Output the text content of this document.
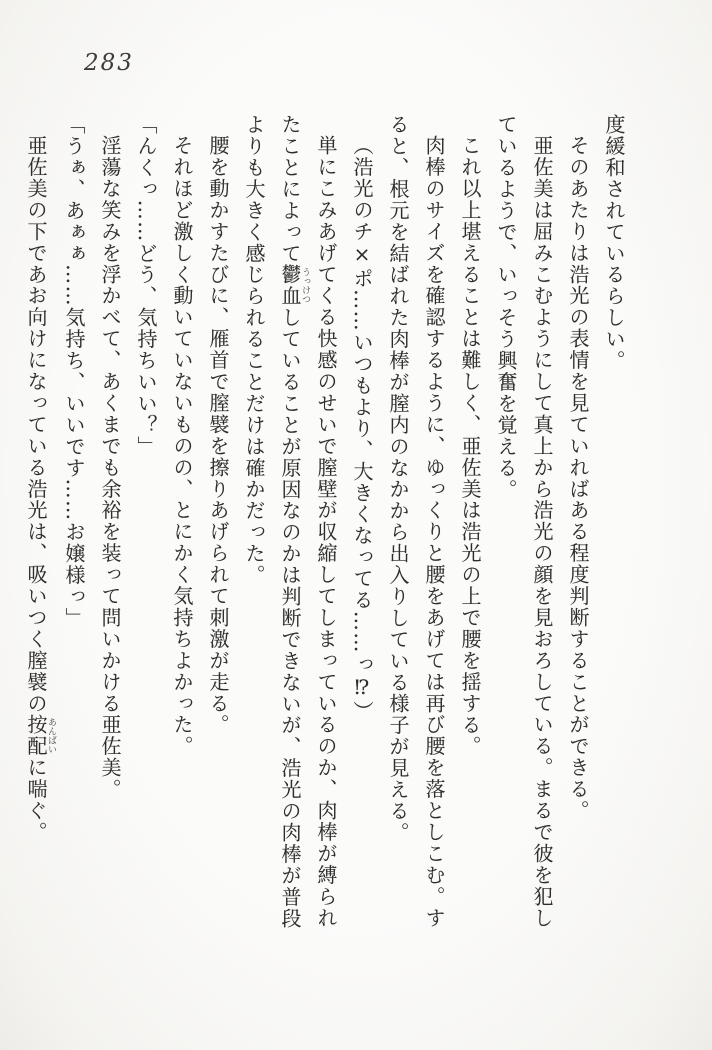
283

度緩和されているらしい。

そのあたりは浩光の表情を見ていればある程度判断することができる。

亜佐美は屈みこむようにして真上から浩光の顔を見おろしている。まるで彼を犯しているようで、いっそう興奮を覚える。

これ以上堪えることは難しく、亜佐美は浩光の上で腰を揺する。

肉棒のサイズを確認するように、ゆっくりと腰をあげては再び腰を落としこむ。すると、根元を結ばれた肉棒が膣内のなかから出入りしている様子が見える。

（浩光のチ×ポ……いつもより、大きくなってる……っ⁉）

単にこみあげてくる快感のせいで膣壁が収縮してしまっているのか、肉棒が縛られたことによって鬱血うっけつしていることが原因なのかは判断できないが、浩光の肉棒が普段よりも大きく感じられることだけは確かだった。

腰を動かすたびに、雁首で膣襞を擦りあげられて刺激が走る。

それほど激しく動いていないものの、とにかく気持ちよかった。

「んくっ……どう、気持ちいい？」

淫蕩な笑みを浮かべて、あくまでも余裕を装って問いかける亜佐美。

「うぁ、あぁぁ……気持ち、いいです……お嬢様っ」

亜佐美の下であお向けになっている浩光は、吸いつく膣襞の按配あんばいに喘ぐ。
